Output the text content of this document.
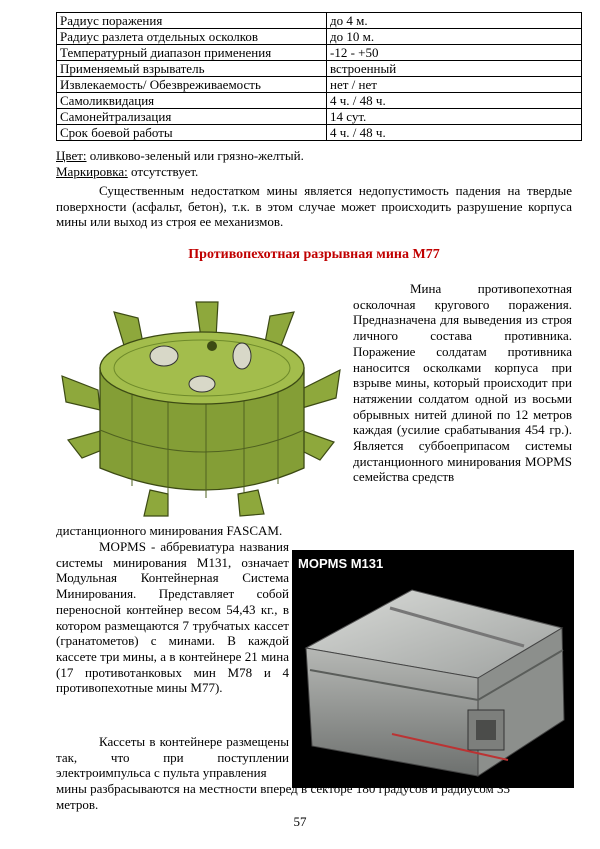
Радиус поражения	до 4 м.
Радиус разлета отдельных осколков	до 10 м.
Температурный диапазон применения	-12 - +50
Применяемый взрыватель	встроенный
Извлекаемость/ Обезвреживаемость	нет / нет
Самоликвидация	4 ч. / 48 ч.
Самонейтрализация	14 сут.
Срок боевой работы	4 ч. / 48 ч.
Цвет: оливково-зеленый или грязно-желтый.
Маркировка: отсутствует.
Существенным недостатком мины является недопустимость падения на твердые поверхности (асфальт, бетон), т.к. в этом случае может происходить разрушение корпуса мины или выход из строя ее механизмов.
Противопехотная разрывная мина М77
Мина противопехотная осколочная кругового поражения. Предназначена для выведения из строя личного состава противника. Поражение солдатам противника наносится осколками корпуса при взрыве мины, который происходит при натяжении солдатом одной из восьми обрывных нитей длиной по 12 метров каждая (усилие срабатывания 454 гр.). Является суббоеприпасом системы дистанционного минирования MOPMS семейства средств
дистанционного минирования FASCAM.
MOPMS - аббревиатура названия системы минирования М131, означает Модульная Контейнерная Система Минирования. Представляет собой переносной контейнер весом 54,43 кг., в котором размещаются 7 трубчатых кассет (гранатометов) с минами. В каждой кассете три мины, а в контейнере 21 мина (17 противотанковых мин М78 и 4 противопехотные мины М77).
Кассеты в контейнере размещены так, что при поступлении электроимпульса с пульта управления
MOPMS M131
мины разбрасываются на местности вперед в секторе 180 градусов и радиусом 35
метров.
57
